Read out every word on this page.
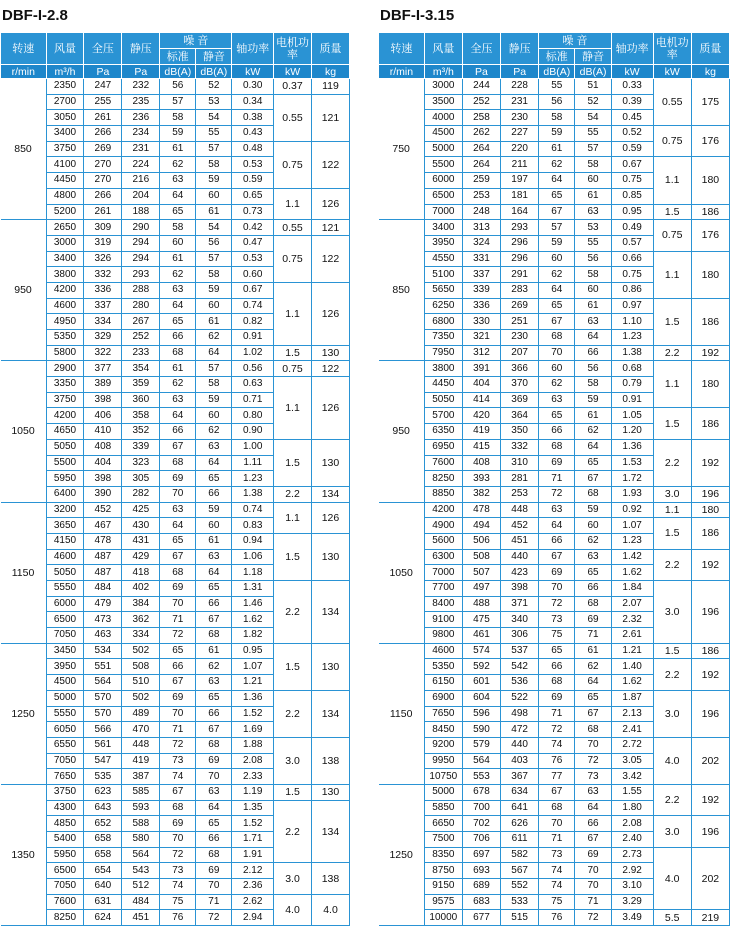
DBF-I-2.8
转速	风量	全压	静压	噪 音		轴功率	电机功率	质量
				标准	静音			
r/min	m³/h	Pa	Pa	dB(A)	dB(A)	kW	kW	kg
850	2350	247	232	56	52	0.30	0.37	119
	2700	255	235	57	53	0.34	0.55	121
	3050	261	236	58	54	0.38		
	3400	266	234	59	55	0.43		
	3750	269	231	61	57	0.48	0.75	122
	4100	270	224	62	58	0.53		
	4450	270	216	63	59	0.59		
	4800	266	204	64	60	0.65	1.1	126
	5200	261	188	65	61	0.73		
950	2650	309	290	58	54	0.42	0.55	121
	3000	319	294	60	56	0.47	0.75	122
	3400	326	294	61	57	0.53		
	3800	332	293	62	58	0.60		
	4200	336	288	63	59	0.67	1.1	126
	4600	337	280	64	60	0.74		
	4950	334	267	65	61	0.82		
	5350	329	252	66	62	0.91		
	5800	322	233	68	64	1.02	1.5	130
1050	2900	377	354	61	57	0.56	0.75	122
	3350	389	359	62	58	0.63	1.1	126
	3750	398	360	63	59	0.71		
	4200	406	358	64	60	0.80		
	4650	410	352	66	62	0.90		
	5050	408	339	67	63	1.00	1.5	130
	5500	404	323	68	64	1.11		
	5950	398	305	69	65	1.23		
	6400	390	282	70	66	1.38	2.2	134
1150	3200	452	425	63	59	0.74	1.1	126
	3650	467	430	64	60	0.83		
	4150	478	431	65	61	0.94	1.5	130
	4600	487	429	67	63	1.06		
	5050	487	418	68	64	1.18		
	5550	484	402	69	65	1.31	2.2	134
	6000	479	384	70	66	1.46		
	6500	473	362	71	67	1.62		
	7050	463	334	72	68	1.82		
1250	3450	534	502	65	61	0.95	1.5	130
	3950	551	508	66	62	1.07		
	4500	564	510	67	63	1.21		
	5000	570	502	69	65	1.36	2.2	134
	5550	570	489	70	66	1.52		
	6050	566	470	71	67	1.69		
	6550	561	448	72	68	1.88	3.0	138
	7050	547	419	73	69	2.08		
	7650	535	387	74	70	2.33		
1350	3750	623	585	67	63	1.19	1.5	130
	4300	643	593	68	64	1.35	2.2	134
	4850	652	588	69	65	1.52		
	5400	658	580	70	66	1.71		
	5950	658	564	72	68	1.91		
	6500	654	543	73	69	2.12	3.0	138
	7050	640	512	74	70	2.36		
	7600	631	484	75	71	2.62	4.0	4.0
	8250	624	451	76	72	2.94		
DBF-I-3.15
转速	风量	全压	静压	噪 音		轴功率	电机功率	质量
				标准	静音			
r/min	m³/h	Pa	Pa	dB(A)	dB(A)	kW	kW	kg
750	3000	244	228	55	51	0.33	0.55	175
	3500	252	231	56	52	0.39		
	4000	258	230	58	54	0.45		
	4500	262	227	59	55	0.52	0.75	176
	5000	264	220	61	57	0.59		
	5500	264	211	62	58	0.67	1.1	180
	6000	259	197	64	60	0.75		
	6500	253	181	65	61	0.85		
	7000	248	164	67	63	0.95	1.5	186
850	3400	313	293	57	53	0.49	0.75	176
	3950	324	296	59	55	0.57		
	4550	331	296	60	56	0.66	1.1	180
	5100	337	291	62	58	0.75		
	5650	339	283	64	60	0.86		
	6250	336	269	65	61	0.97	1.5	186
	6800	330	251	67	63	1.10		
	7350	321	230	68	64	1.23		
	7950	312	207	70	66	1.38	2.2	192
950	3800	391	366	60	56	0.68	1.1	180
	4450	404	370	62	58	0.79		
	5050	414	369	63	59	0.91		
	5700	420	364	65	61	1.05	1.5	186
	6350	419	350	66	62	1.20		
	6950	415	332	68	64	1.36	2.2	192
	7600	408	310	69	65	1.53		
	8250	393	281	71	67	1.72		
	8850	382	253	72	68	1.93	3.0	196
1050	4200	478	448	63	59	0.92	1.1	180
	4900	494	452	64	60	1.07	1.5	186
	5600	506	451	66	62	1.23		
	6300	508	440	67	63	1.42	2.2	192
	7000	507	423	69	65	1.62		
	7700	497	398	70	66	1.84	3.0	196
	8400	488	371	72	68	2.07		
	9100	475	340	73	69	2.32		
	9800	461	306	75	71	2.61		
1150	4600	574	537	65	61	1.21	1.5	186
	5350	592	542	66	62	1.40	2.2	192
	6150	601	536	68	64	1.62		
	6900	604	522	69	65	1.87	3.0	196
	7650	596	498	71	67	2.13		
	8450	590	472	72	68	2.41		
	9200	579	440	74	70	2.72	4.0	202
	9950	564	403	76	72	3.05		
	10750	553	367	77	73	3.42		
1250	5000	678	634	67	63	1.55	2.2	192
	5850	700	641	68	64	1.80		
	6650	702	626	70	66	2.08	3.0	196
	7500	706	611	71	67	2.40		
	8350	697	582	73	69	2.73	4.0	202
	8750	693	567	74	70	2.92		
	9150	689	552	74	70	3.10		
	9575	683	533	75	71	3.29		
	10000	677	515	76	72	3.49	5.5	219
